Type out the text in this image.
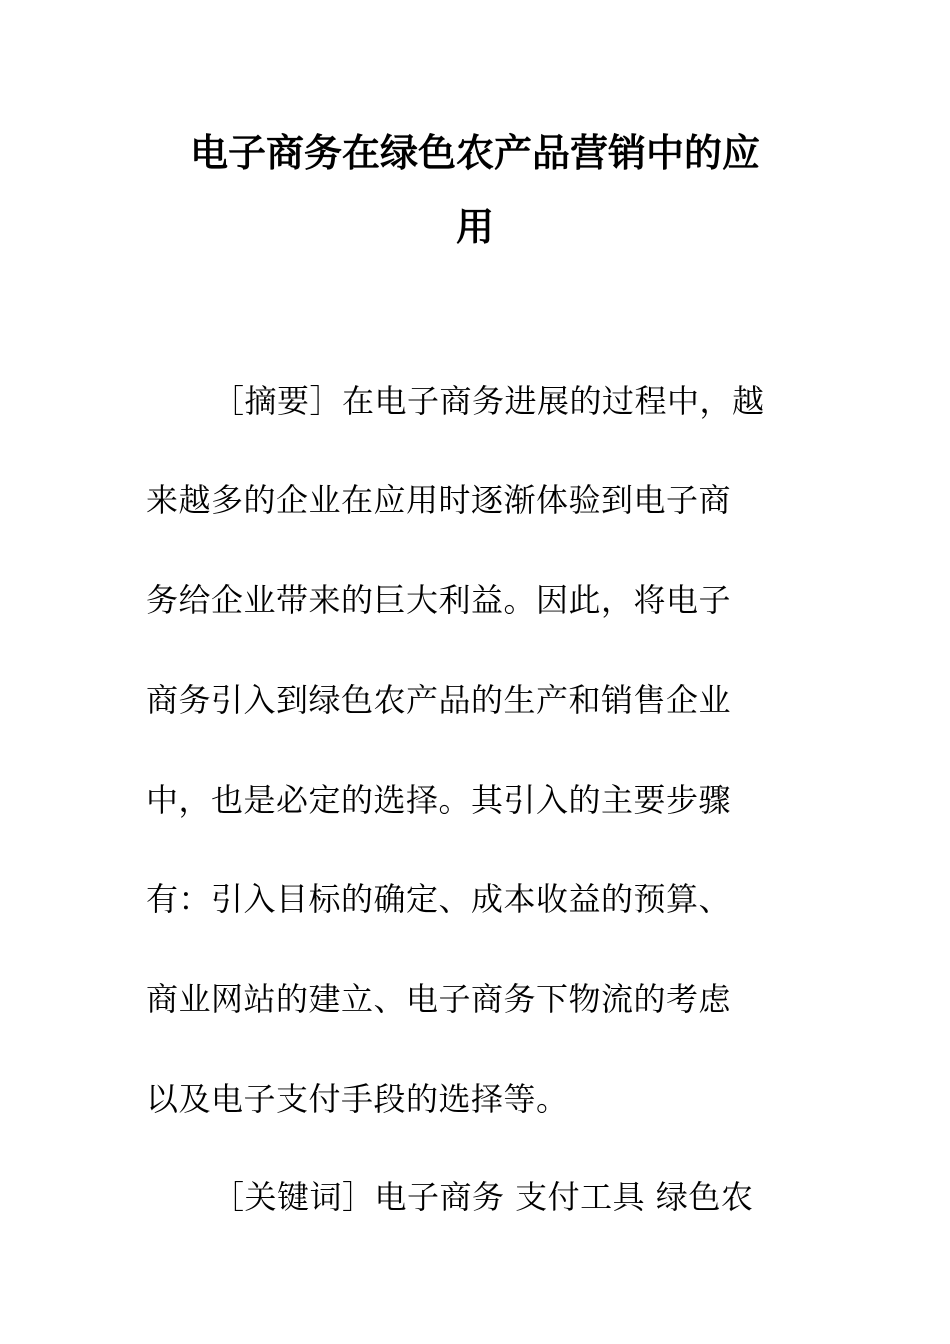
电子商务在绿色农产品营销中的应
用
［摘要］在电子商务进展的过程中，越
来越多的企业在应用时逐渐体验到电子商
务给企业带来的巨大利益。因此，将电子
商务引入到绿色农产品的生产和销售企业
中，也是必定的选择。其引入的主要步骤
有：引入目标的确定、成本收益的预算、
商业网站的建立、电子商务下物流的考虑
以及电子支付手段的选择等。
［关键词］电子商务 支付工具 绿色农
